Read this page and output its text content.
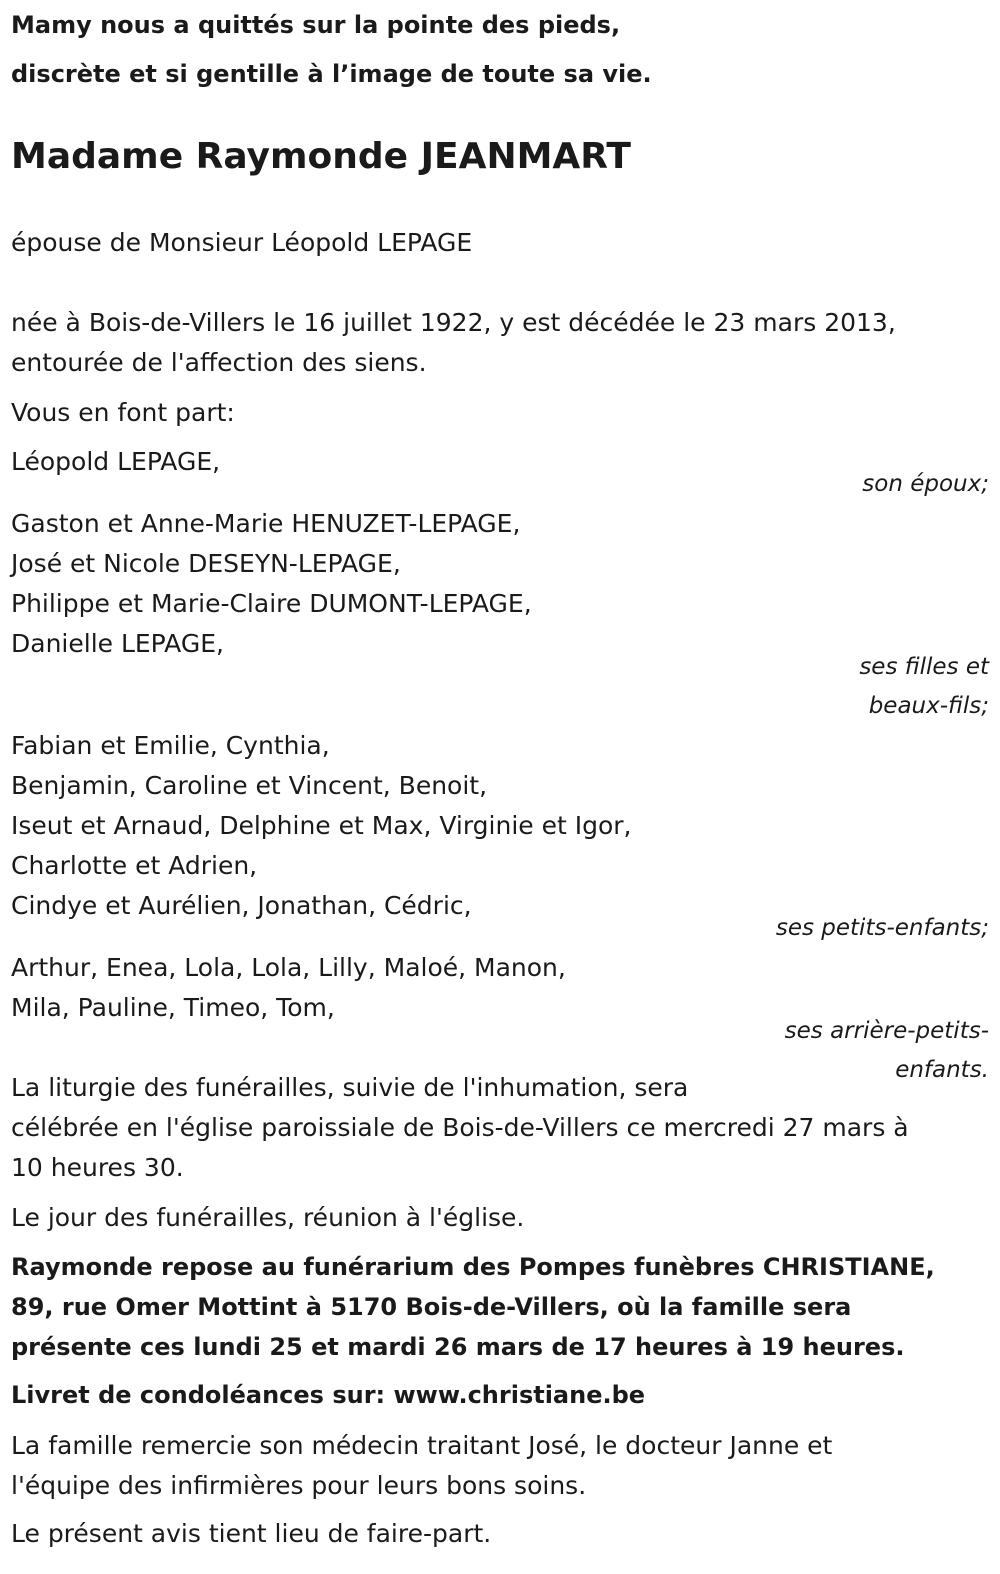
Mamy nous a quittés sur la pointe des pieds,
discrète et si gentille à l’image de toute sa vie.
Madame Raymonde JEANMART
épouse de Monsieur Léopold LEPAGE
née à Bois-de-Villers le 16 juillet 1922, y est décédée le 23 mars 2013,
entourée de l'affection des siens.
Vous en font part:
Léopold LEPAGE,
son époux;
Gaston et Anne-Marie HENUZET-LEPAGE,
José et Nicole DESEYN-LEPAGE,
Philippe et Marie-Claire DUMONT-LEPAGE,
Danielle LEPAGE,
ses filles et
beaux-fils;
Fabian et Emilie, Cynthia,
Benjamin, Caroline et Vincent, Benoit,
Iseut et Arnaud, Delphine et Max, Virginie et Igor,
Charlotte et Adrien,
Cindye et Aurélien, Jonathan, Cédric,
ses petits-enfants;
Arthur, Enea, Lola, Lola, Lilly, Maloé, Manon,
Mila, Pauline, Timeo, Tom,
ses arrière-petits-
enfants.
La liturgie des funérailles, suivie de l'inhumation, sera
célébrée en l'église paroissiale de Bois-de-Villers ce mercredi 27 mars à
10 heures 30.
Le jour des funérailles, réunion à l'église.
Raymonde repose au funérarium des Pompes funèbres CHRISTIANE,
89, rue Omer Mottint à 5170 Bois-de-Villers, où la famille sera
présente ces lundi 25 et mardi 26 mars de 17 heures à 19 heures.
Livret de condoléances sur: www.christiane.be
La famille remercie son médecin traitant José, le docteur Janne et
l'équipe des infirmières pour leurs bons soins.
Le présent avis tient lieu de faire-part.
